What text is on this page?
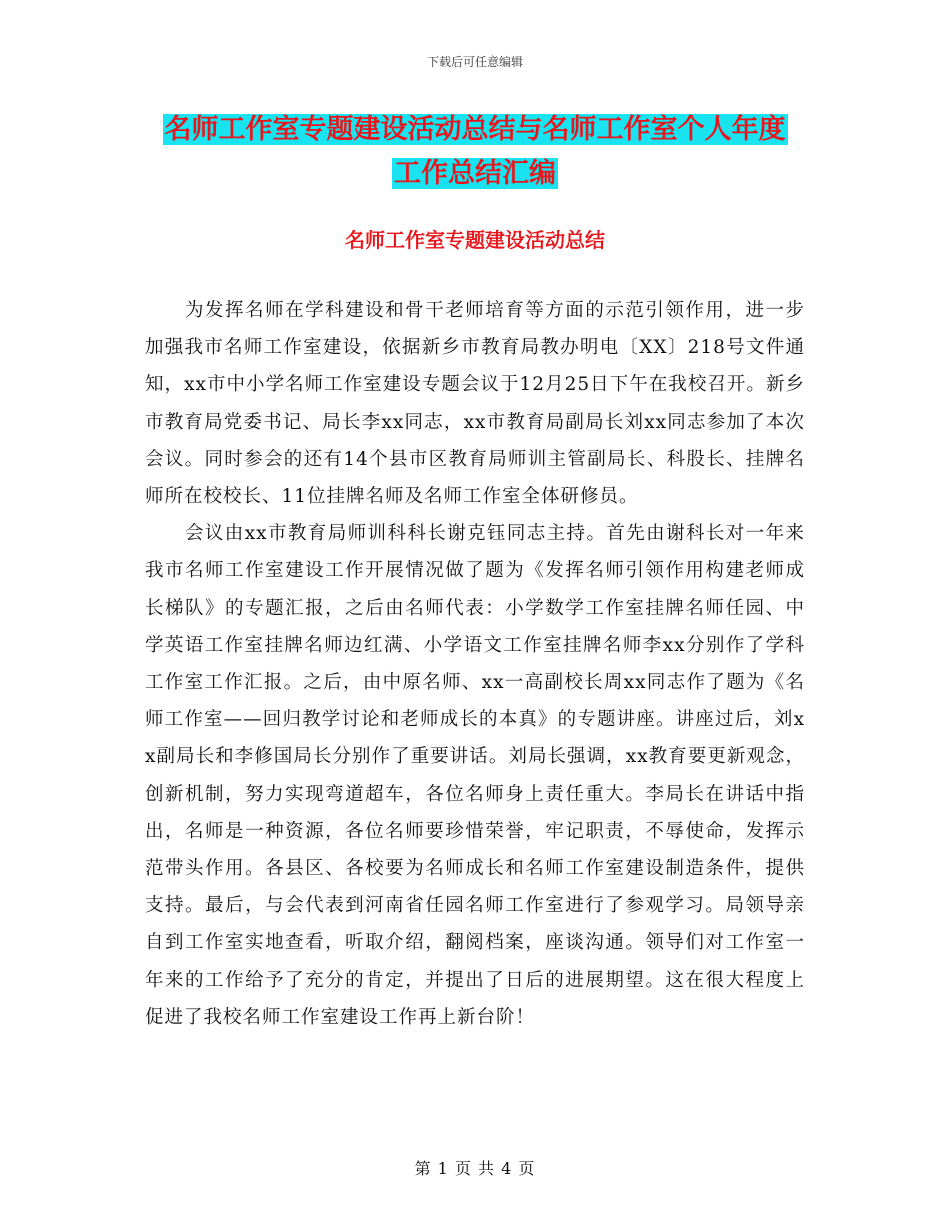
下载后可任意编辑
名师工作室专题建设活动总结与名师工作室个人年度
工作总结汇编
名师工作室专题建设活动总结

为发挥名师在学科建设和骨干老师培育等方面的示范引领作用，进一步加强我市名师工作室建设，依据新乡市教育局教办明电〔XX〕218号文件通知，xx市中小学名师工作室建设专题会议于12月25日下午在我校召开。新乡市教育局党委书记、局长李xx同志，xx市教育局副局长刘xx同志参加了本次会议。同时参会的还有14个县市区教育局师训主管副局长、科股长、挂牌名师所在校校长、11位挂牌名师及名师工作室全体研修员。

会议由xx市教育局师训科科长谢克钰同志主持。首先由谢科长对一年来我市名师工作室建设工作开展情况做了题为《发挥名师引领作用构建老师成长梯队》的专题汇报，之后由名师代表：小学数学工作室挂牌名师任园、中学英语工作室挂牌名师边红满、小学语文工作室挂牌名师李xx分别作了学科工作室工作汇报。之后，由中原名师、xx一高副校长周xx同志作了题为《名师工作室——回归教学讨论和老师成长的本真》的专题讲座。讲座过后，刘xx副局长和李修国局长分别作了重要讲话。刘局长强调，xx教育要更新观念，创新机制，努力实现弯道超车，各位名师身上责任重大。李局长在讲话中指出，名师是一种资源，各位名师要珍惜荣誉，牢记职责，不辱使命，发挥示范带头作用。各县区、各校要为名师成长和名师工作室建设制造条件，提供支持。最后，与会代表到河南省任园名师工作室进行了参观学习。局领导亲自到工作室实地查看，听取介绍，翻阅档案，座谈沟通。领导们对工作室一年来的工作给予了充分的肯定，并提出了日后的进展期望。这在很大程度上促进了我校名师工作室建设工作再上新台阶！

第 1 页 共 4 页
